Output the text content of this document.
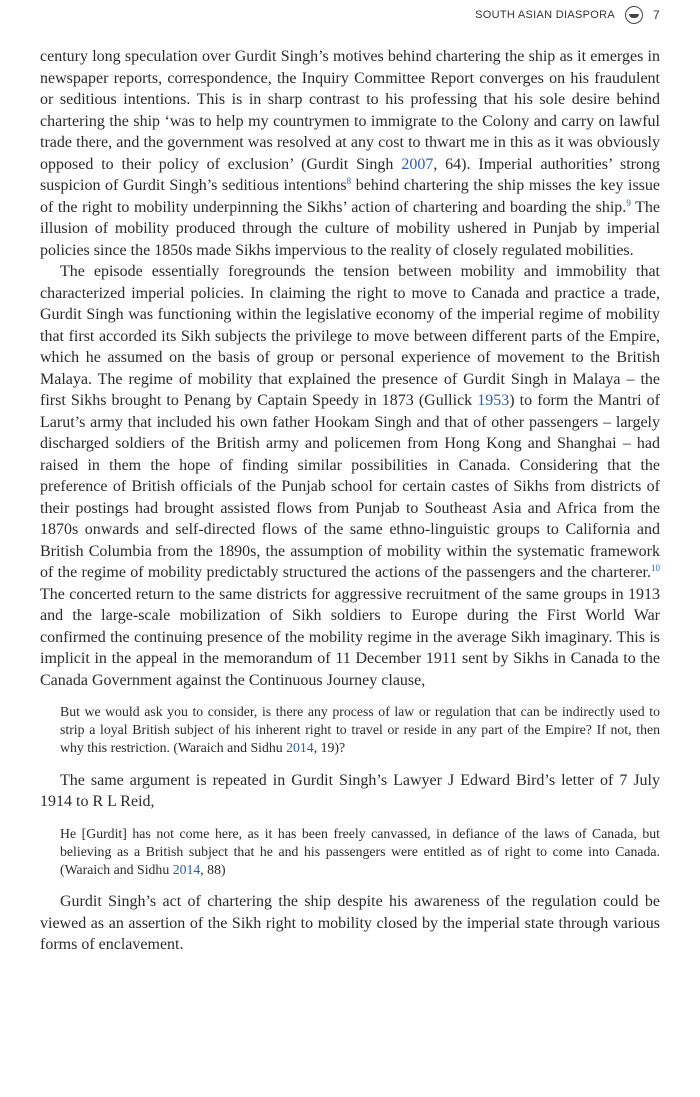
SOUTH ASIAN DIASPORA	7

century long speculation over Gurdit Singh’s motives behind chartering the ship as it emerges in newspaper reports, correspondence, the Inquiry Committee Report converges on his fraudulent or seditious intentions. This is in sharp contrast to his professing that his sole desire behind chartering the ship ‘was to help my countrymen to immigrate to the Colony and carry on lawful trade there, and the government was resolved at any cost to thwart me in this as it was obviously opposed to their policy of exclusion’ (Gurdit Singh 2007, 64). Imperial authorities’ strong suspicion of Gurdit Singh’s seditious intentions$^8$ behind chartering the ship misses the key issue of the right to mobility underpinning the Sikhs’ action of chartering and boarding the ship.$^9$ The illusion of mobility produced through the culture of mobility ushered in Punjab by imperial policies since the 1850s made Sikhs impervious to the reality of closely regulated mobilities.

The episode essentially foregrounds the tension between mobility and immobility that characterized imperial policies. In claiming the right to move to Canada and practice a trade, Gurdit Singh was functioning within the legislative economy of the imperial regime of mobility that first accorded its Sikh subjects the privilege to move between different parts of the Empire, which he assumed on the basis of group or personal experience of movement to the British Malaya. The regime of mobility that explained the presence of Gurdit Singh in Malaya – the first Sikhs brought to Penang by Captain Speedy in 1873 (Gullick 1953) to form the Mantri of Larut’s army that included his own father Hookam Singh and that of other passengers – largely discharged soldiers of the British army and policemen from Hong Kong and Shanghai – had raised in them the hope of finding similar possibilities in Canada. Considering that the preference of British officials of the Punjab school for certain castes of Sikhs from districts of their postings had brought assisted flows from Punjab to Southeast Asia and Africa from the 1870s onwards and self-directed flows of the same ethno-linguistic groups to California and British Columbia from the 1890s, the assumption of mobility within the systematic framework of the regime of mobility predictably structured the actions of the passengers and the charterer.$^{10}$ The concerted return to the same districts for aggressive recruitment of the same groups in 1913 and the large-scale mobilization of Sikh soldiers to Europe during the First World War confirmed the continuing presence of the mobility regime in the average Sikh imaginary. This is implicit in the appeal in the memorandum of 11 December 1911 sent by Sikhs in Canada to the Canada Government against the Continuous Journey clause,

But we would ask you to consider, is there any process of law or regulation that can be indirectly used to strip a loyal British subject of his inherent right to travel or reside in any part of the Empire? If not, then why this restriction. (Waraich and Sidhu 2014, 19)?

The same argument is repeated in Gurdit Singh’s Lawyer J Edward Bird’s letter of 7 July 1914 to R L Reid,

He [Gurdit] has not come here, as it has been freely canvassed, in defiance of the laws of Canada, but believing as a British subject that he and his passengers were entitled as of right to come into Canada. (Waraich and Sidhu 2014, 88)

Gurdit Singh’s act of chartering the ship despite his awareness of the regulation could be viewed as an assertion of the Sikh right to mobility closed by the imperial state through various forms of enclavement.
